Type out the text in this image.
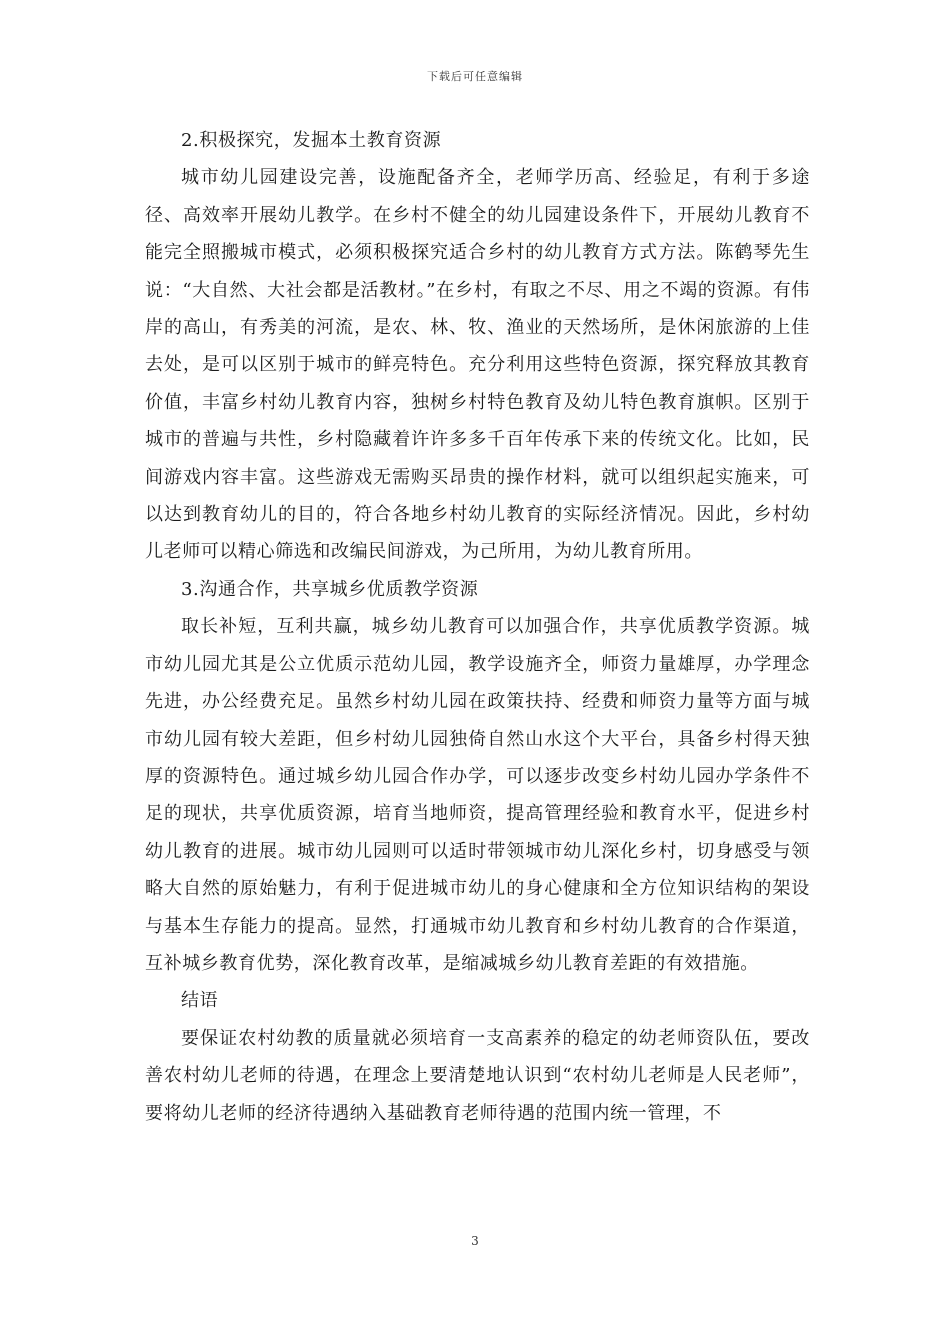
下载后可任意编辑

2.积极探究，发掘本土教育资源

城市幼儿园建设完善，设施配备齐全，老师学历高、经验足，有利于多途径、高效率开展幼儿教学。在乡村不健全的幼儿园建设条件下，开展幼儿教育不能完全照搬城市模式，必须积极探究适合乡村的幼儿教育方式方法。陈鹤琴先生说：“大自然、大社会都是活教材。”在乡村，有取之不尽、用之不竭的资源。有伟岸的高山，有秀美的河流，是农、林、牧、渔业的天然场所，是休闲旅游的上佳去处，是可以区别于城市的鲜亮特色。充分利用这些特色资源，探究释放其教育价值，丰富乡村幼儿教育内容，独树乡村特色教育及幼儿特色教育旗帜。区别于城市的普遍与共性，乡村隐藏着许许多多千百年传承下来的传统文化。比如，民间游戏内容丰富。这些游戏无需购买昂贵的操作材料，就可以组织起实施来，可以达到教育幼儿的目的，符合各地乡村幼儿教育的实际经济情况。因此，乡村幼儿老师可以精心筛选和改编民间游戏，为己所用，为幼儿教育所用。

3.沟通合作，共享城乡优质教学资源

取长补短，互利共赢，城乡幼儿教育可以加强合作，共享优质教学资源。城市幼儿园尤其是公立优质示范幼儿园，教学设施齐全，师资力量雄厚，办学理念先进，办公经费充足。虽然乡村幼儿园在政策扶持、经费和师资力量等方面与城市幼儿园有较大差距，但乡村幼儿园独倚自然山水这个大平台，具备乡村得天独厚的资源特色。通过城乡幼儿园合作办学，可以逐步改变乡村幼儿园办学条件不足的现状，共享优质资源，培育当地师资，提高管理经验和教育水平，促进乡村幼儿教育的进展。城市幼儿园则可以适时带领城市幼儿深化乡村，切身感受与领略大自然的原始魅力，有利于促进城市幼儿的身心健康和全方位知识结构的架设与基本生存能力的提高。显然，打通城市幼儿教育和乡村幼儿教育的合作渠道，互补城乡教育优势，深化教育改革，是缩减城乡幼儿教育差距的有效措施。

结语

要保证农村幼教的质量就必须培育一支高素养的稳定的幼老师资队伍，要改善农村幼儿老师的待遇，在理念上要清楚地认识到“农村幼儿老师是人民老师”，要将幼儿老师的经济待遇纳入基础教育老师待遇的范围内统一管理，不

3
